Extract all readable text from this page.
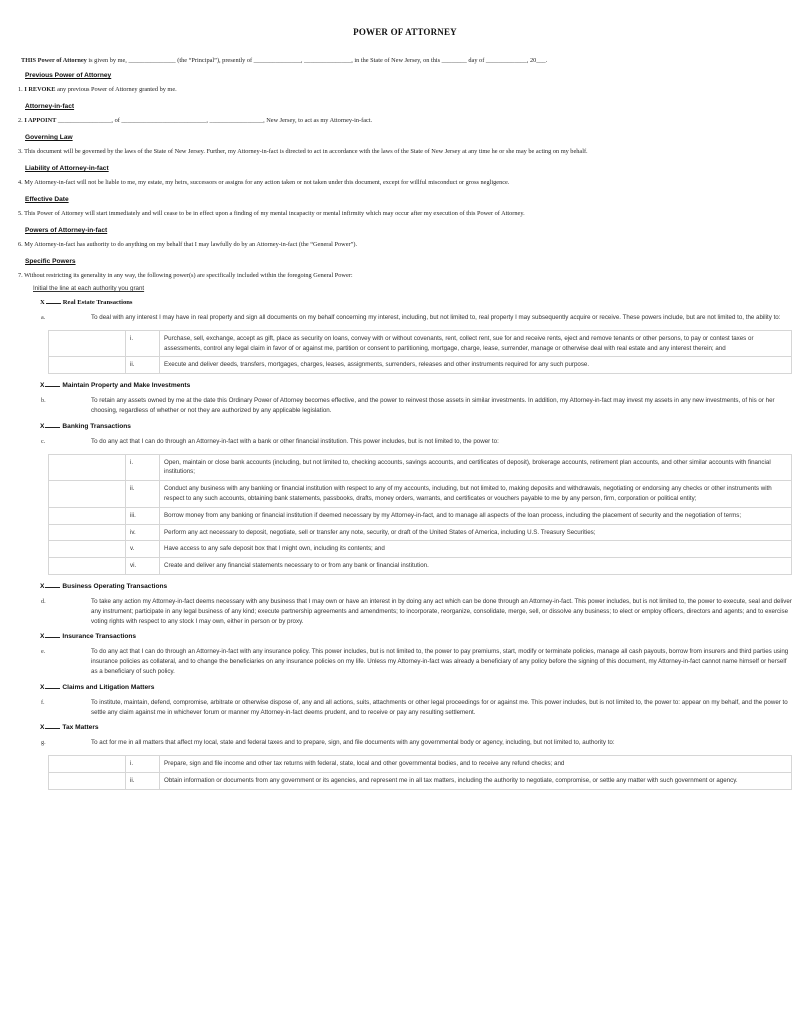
POWER OF ATTORNEY
THIS Power of Attorney is given by me, _______________ (the “Principal”), presently of _______________, _______________, in the State of New Jersey, on this ________ day of _____________, 20___.
Previous Power of Attorney
1. I REVOKE any previous Power of Attorney granted by me.
Attorney-in-fact
2. I APPOINT _________________, of ___________________________, _________________, New Jersey, to act as my Attorney-in-fact.
Governing Law
3. This document will be governed by the laws of the State of New Jersey. Further, my Attorney-in-fact is directed to act in accordance with the laws of the State of New Jersey at any time he or she may be acting on my behalf.
Liability of Attorney-in-fact
4. My Attorney-in-fact will not be liable to me, my estate, my heirs, successors or assigns for any action taken or not taken under this document, except for willful misconduct or gross negligence.
Effective Date
5. This Power of Attorney will start immediately and will cease to be in effect upon a finding of my mental incapacity or mental infirmity which may occur after my execution of this Power of Attorney.
Powers of Attorney-in-fact
6. My Attorney-in-fact has authority to do anything on my behalf that I may lawfully do by an Attorney-in-fact (the “General Power”).
Specific Powers
7. Without restricting its generality in any way, the following power(s) are specifically included within the foregoing General Power:
Initial the line at each authority you grant
X	Real Estate Transactions
a.	To deal with any interest I may have in real property and sign all documents on my behalf concerning my interest, including, but not limited to, real property I may subsequently acquire or receive. These powers include, but are not limited to, the ability to:
	i.	Purchase, sell, exchange, accept as gift, place as security on loans, convey with or without covenants, rent, collect rent, sue for and receive rents, eject and remove tenants or other persons, to pay or contest taxes or assessments, control any legal claim in favor of or against me, partition or consent to partitioning, mortgage, charge, lease, surrender, manage or otherwise deal with real estate and any interest therein; and
	ii.	Execute and deliver deeds, transfers, mortgages, charges, leases, assignments, surrenders, releases and other instruments required for any such purpose.
X	Maintain Property and Make Investments
b.	To retain any assets owned by me at the date this Ordinary Power of Attorney becomes effective, and the power to reinvest those assets in similar investments. In addition, my Attorney-in-fact may invest my assets in any new investments, of his or her choosing, regardless of whether or not they are authorized by any applicable legislation.
X	Banking Transactions
c.	To do any act that I can do through an Attorney-in-fact with a bank or other financial institution. This power includes, but is not limited to, the power to:
	i.	Open, maintain or close bank accounts (including, but not limited to, checking accounts, savings accounts, and certificates of deposit), brokerage accounts, retirement plan accounts, and other similar accounts with financial institutions;
	ii.	Conduct any business with any banking or financial institution with respect to any of my accounts, including, but not limited to, making deposits and withdrawals, negotiating or endorsing any checks or other instruments with respect to any such accounts, obtaining bank statements, passbooks, drafts, money orders, warrants, and certificates or vouchers payable to me by any person, firm, corporation or political entity;
	iii.	Borrow money from any banking or financial institution if deemed necessary by my Attorney-in-fact, and to manage all aspects of the loan process, including the placement of security and the negotiation of terms;
	iv.	Perform any act necessary to deposit, negotiate, sell or transfer any note, security, or draft of the United States of America, including U.S. Treasury Securities;
	v.	Have access to any safe deposit box that I might own, including its contents; and
	vi.	Create and deliver any financial statements necessary to or from any bank or financial institution.
X	Business Operating Transactions
d.	To take any action my Attorney-in-fact deems necessary with any business that I may own or have an interest in by doing any act which can be done through an Attorney-in-fact. This power includes, but is not limited to, the power to execute, seal and deliver any instrument; participate in any legal business of any kind; execute partnership agreements and amendments; to incorporate, reorganize, consolidate, merge, sell, or dissolve any business; to elect or employ officers, directors and agents; and to exercise voting rights with respect to any stock I may own, either in person or by proxy.
X	Insurance Transactions
e.	To do any act that I can do through an Attorney-in-fact with any insurance policy. This power includes, but is not limited to, the power to pay premiums, start, modify or terminate policies, manage all cash payouts, borrow from insurers and third parties using insurance policies as collateral, and to change the beneficiaries on any insurance policies on my life. Unless my Attorney-in-fact was already a beneficiary of any policy before the signing of this document, my Attorney-in-fact cannot name himself or herself as a beneficiary of such policy.
X	Claims and Litigation Matters
f.	To institute, maintain, defend, compromise, arbitrate or otherwise dispose of, any and all actions, suits, attachments or other legal proceedings for or against me. This power includes, but is not limited to, the power to: appear on my behalf, and the power to settle any claim against me in whichever forum or manner my Attorney-in-fact deems prudent, and to receive or pay any resulting settlement.
X	Tax Matters
g.	To act for me in all matters that affect my local, state and federal taxes and to prepare, sign, and file documents with any governmental body or agency, including, but not limited to, authority to:
	i.	Prepare, sign and file income and other tax returns with federal, state, local and other governmental bodies, and to receive any refund checks; and
	ii.	Obtain information or documents from any government or its agencies, and represent me in all tax matters, including the authority to negotiate, compromise, or settle any matter with such government or agency.
